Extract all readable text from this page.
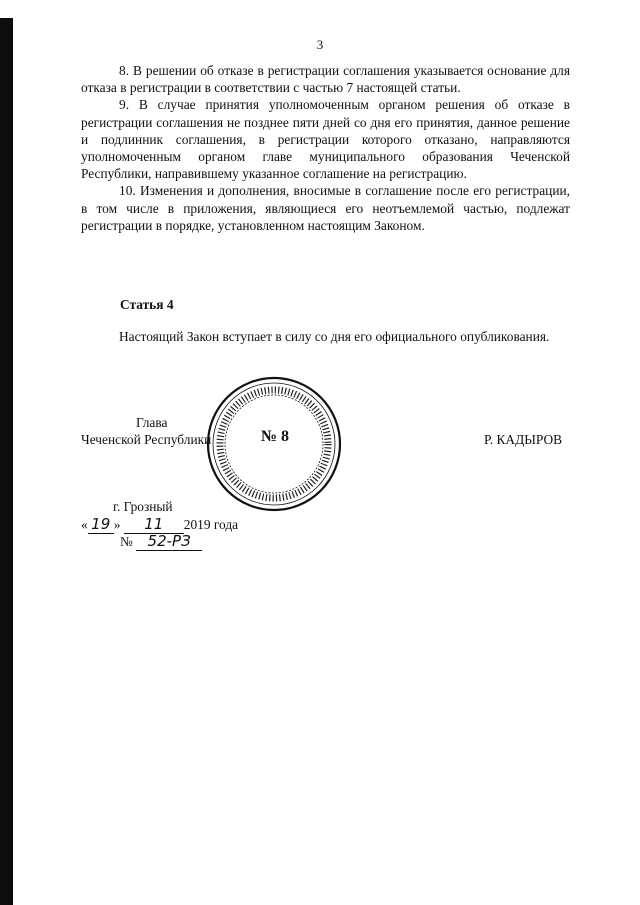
3

8. В решении об отказе в регистрации соглашения указывается основание для отказа в регистрации в соответствии с частью 7 настоящей статьи.

9. В случае принятия уполномоченным органом решения об отказе в регистрации соглашения не позднее пяти дней со дня его принятия, данное решение и подлинник соглашения, в регистрации которого отказано, направляются уполномоченным органом главе муниципального образования Чеченской Республики, направившему указанное соглашение на регистрацию.

10. Изменения и дополнения, вносимые в соглашение после его регистрации, в том числе в приложения, являющиеся его неотъемлемой частью, подлежат регистрации в порядке, установленном настоящим Законом.

Статья 4

Настоящий Закон вступает в силу со дня его официального опубликования.

№ 8
Глава
Чеченской Республики	Р. КАДЫРОВ
г. Грозный
« 19 » 11 2019 года
№ 52-РЗ
